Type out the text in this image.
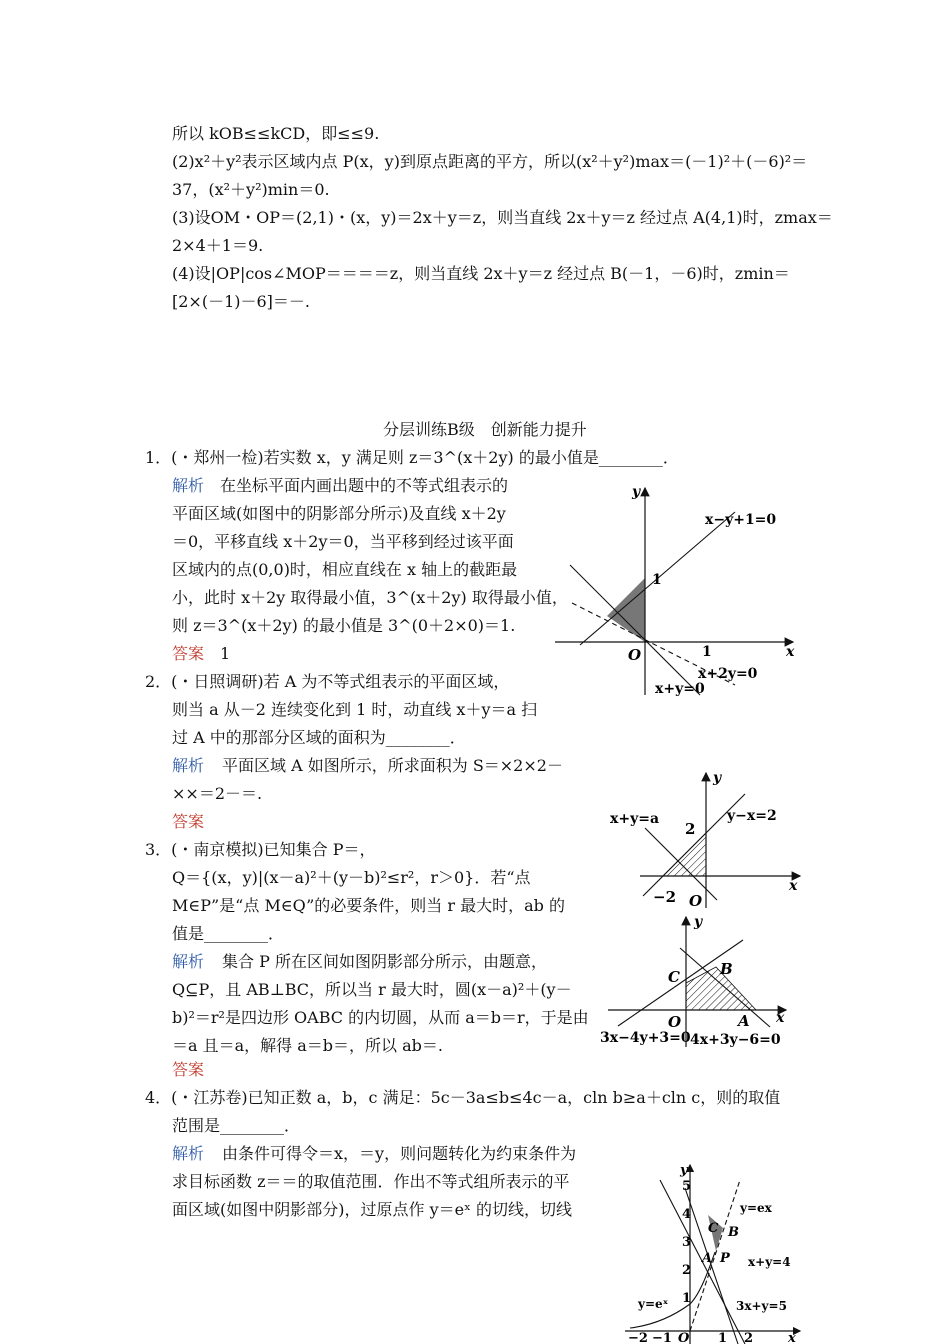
所以 kOB≤≤kCD，即≤≤9.
(2)x²＋y²表示区域内点 P(x，y)到原点距离的平方，所以(x²＋y²)max＝(－1)²＋(－6)²＝
37，(x²＋y²)min＝0.
(3)设OM・OP＝(2,1)・(x，y)＝2x＋y＝z，则当直线 2x＋y＝z 经过点 A(4,1)时，zmax＝
2×4＋1＝9.
(4)设|OP|cos∠MOP＝＝＝＝z，则当直线 2x＋y＝z 经过点 B(－1，－6)时，zmin＝
[2×(－1)－6]＝－.
分层训练B级　创新能力提升
1．(・郑州一检)若实数 x，y 满足则 z＝3^(x＋2y) 的最小值是________．
解析 在坐标平面内画出题中的不等式组表示的
平面区域(如图中的阴影部分所示)及直线 x＋2y
＝0，平移直线 x＋2y＝0，当平移到经过该平面
区域内的点(0,0)时，相应直线在 x 轴上的截距最
小，此时 x＋2y 取得最小值，3^(x＋2y) 取得最小值，
则 z＝3^(x＋2y) 的最小值是 3^(0＋2×0)＝1.
答案 1
y
x
O
1
1
x−y+1=0
x+2y=0
x+y=0
2．(・日照调研)若 A 为不等式组表示的平面区域，
则当 a 从－2 连续变化到 1 时，动直线 x＋y＝a 扫
过 A 中的那部分区域的面积为________．
解析 平面区域 A 如图所示，所求面积为 S＝×2×2－
××＝2－＝.
答案
y
x
O
2
−2
x+y=a	y−x=2
3．(・南京模拟)已知集合 P＝，
Q＝{(x，y)|(x－a)²＋(y－b)²≤r²，r＞0}．若“点
M∈P”是“点 M∈Q”的必要条件，则当 r 最大时，ab 的
值是________．
解析 集合 P 所在区间如图阴影部分所示，由题意，
Q⊆P，且 AB⊥BC，所以当 r 最大时，圆(x－a)²＋(y－
b)²＝r²是四边形 OABC 的内切圆，从而 a＝b＝r，于是由
＝a 且＝a，解得 a＝b＝，所以 ab＝.
答案
y
x
O	A
B
C
3x−4y+3=0 4x+3y−6=0
4．(・江苏卷)已知正数 a，b，c 满足：5c－3a≤b≤4c－a，cln b≥a＋cln c，则的取值
范围是________．
解析 由条件可得令＝x，＝y，则问题转化为约束条件为
求目标函数 z＝＝的取值范围．作出不等式组所表示的平
面区域(如图中阴影部分)，过原点作 y＝eˣ 的切线，切线
y
x
O
5
4
3
2
1
−2 −1	1 2
C B
A P
y=ex
x+y=4
3x+y=5
y=eˣ
